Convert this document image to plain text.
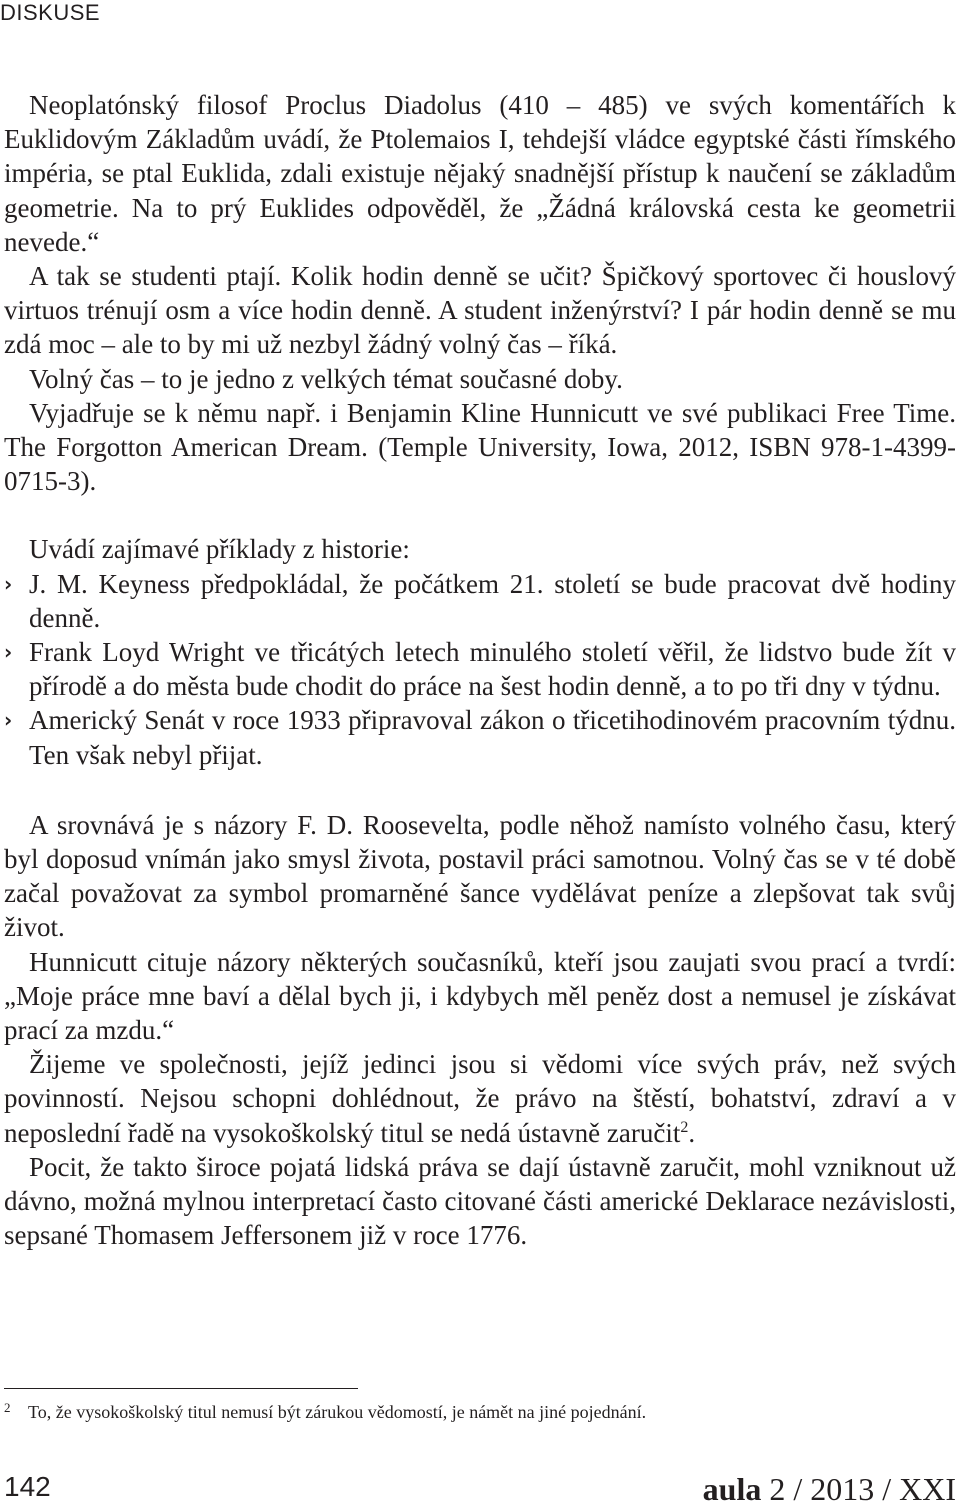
DISKUSE

Neoplatónský filosof Proclus Diadolus (410 – 485) ve svých komentářích k Euklidovým Základům uvádí, že Ptolemaios I, tehdejší vládce egyptské části římského impéria, se ptal Euklida, zdali existuje nějaký snadnější přístup k naučení se základům geometrie. Na to prý Euklides odpověděl, že „Žádná královská cesta ke geometrii nevede.“

A tak se studenti ptají. Kolik hodin denně se učit? Špičkový sportovec či houslový virtuos trénují osm a více hodin denně. A student inženýrství? I pár hodin denně se mu zdá moc – ale to by mi už nezbyl žádný volný čas – říká.

Volný čas – to je jedno z velkých témat současné doby.

Vyjadřuje se k němu např. i Benjamin Kline Hunnicutt ve své publikaci Free Time. The Forgotton American Dream. (Temple University, Iowa, 2012, ISBN 978-1-4399-0715-3).

Uvádí zajímavé příklady z historie:

› J. M. Keyness předpokládal, že počátkem 21. století se bude pracovat dvě hodiny denně.
› Frank Loyd Wright ve třicátých letech minulého století věřil, že lidstvo bude žít v přírodě a do města bude chodit do práce na šest hodin denně, a to po tři dny v týdnu.
› Americký Senát v roce 1933 připravoval zákon o třicetihodinovém pracovním týdnu. Ten však nebyl přijat.

A srovnává je s názory F. D. Roosevelta, podle něhož namísto volného času, který byl doposud vnímán jako smysl života, postavil práci samotnou. Volný čas se v té době začal považovat za symbol promarněné šance vydělávat peníze a zlepšovat tak svůj život.

Hunnicutt cituje názory některých současníků, kteří jsou zaujati svou prací a tvrdí: „Moje práce mne baví a dělal bych ji, i kdybych měl peněz dost a nemusel je získávat prací za mzdu.“

Žijeme ve společnosti, jejíž jedinci jsou si vědomi více svých práv, než svých povinností. Nejsou schopni dohlédnout, že právo na štěstí, bohatství, zdraví a v neposlední řadě na vysokoškolský titul se nedá ústavně zaručit$^2$.

Pocit, že takto široce pojatá lidská práva se dají ústavně zaručit, mohl vzniknout už dávno, možná mylnou interpretací často citované části americké Deklarace nezávislosti, sepsané Thomasem Jeffersonem již v roce 1776.

2 To, že vysokoškolský titul nemusí být zárukou vědomostí, je námět na jiné pojednání.
142	aula 2 / 2013 / XXI
